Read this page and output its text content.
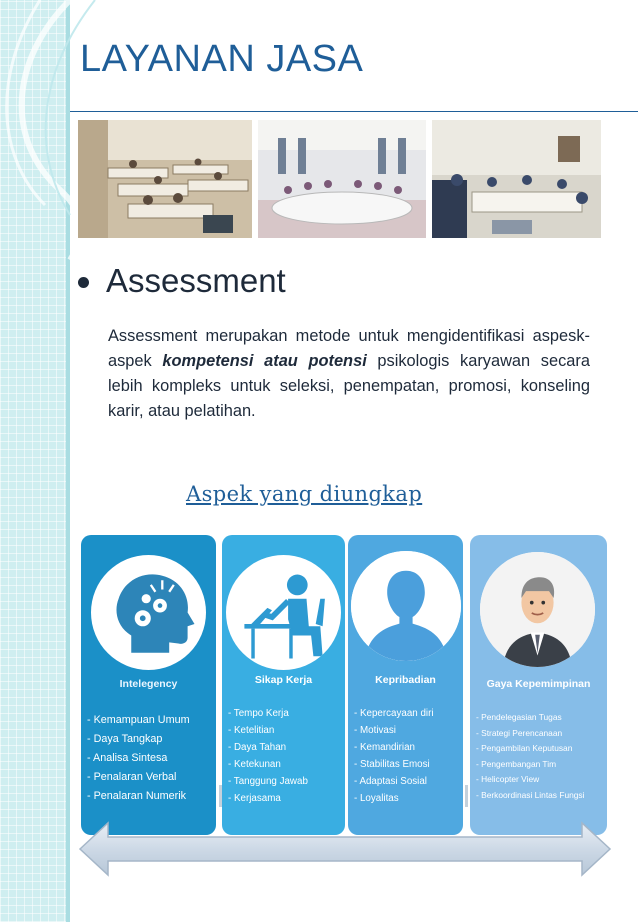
LAYANAN JASA
Assessment

Assessment merupakan metode untuk mengidentifikasi aspesk-aspek kompetensi atau potensi psikologis karyawan secara lebih kompleks untuk seleksi, penempatan, promosi, konseling karir, atau pelatihan.

Aspek yang diungkap

Intelegency

- Kemampuan Umum
- Daya Tangkap
- Analisa Sintesa
- Penalaran Verbal
- Penalaran Numerik

Sikap Kerja

- Tempo Kerja
- Ketelitian
- Daya Tahan
- Ketekunan
- Tanggung Jawab
- Kerjasama

Kepribadian

- Kepercayaan diri
- Motivasi
- Kemandirian
- Stabilitas Emosi
- Adaptasi Sosial
- Loyalitas

Gaya Kepemimpinan

- Pendelegasian Tugas
- Strategi Perencanaan
- Pengambilan Keputusan
- Pengembangan Tim
- Helicopter View
- Berkoordinasi Lintas Fungsi
